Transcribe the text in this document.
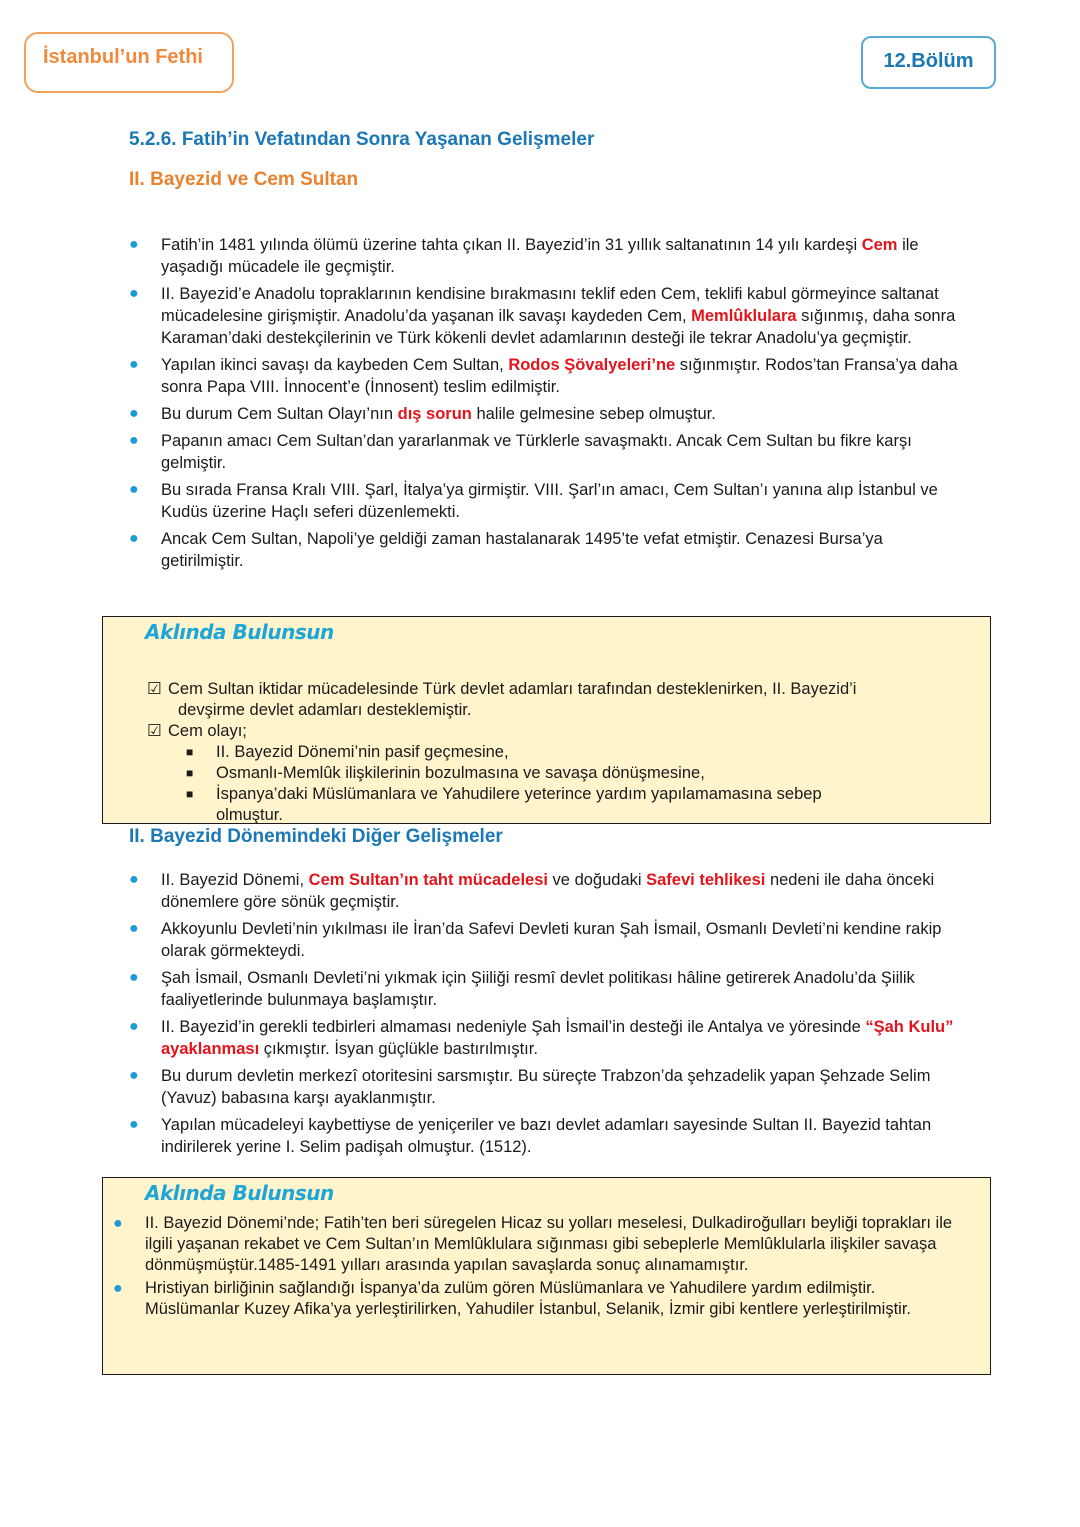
İstanbul’un Fethi	12.Bölüm
5.2.6. Fatih’in Vefatından Sonra Yaşanan Gelişmeler
II. Bayezid ve Cem Sultan
● Fatih’in 1481 yılında ölümü üzerine tahta çıkan II. Bayezid’in 31 yıllık saltanatının 14 yılı kardeşi Cem ile yaşadığı mücadele ile geçmiştir.
● II. Bayezid’e Anadolu topraklarının kendisine bırakmasını teklif eden Cem, teklifi kabul görmeyince saltanat mücadelesine girişmiştir. Anadolu’da yaşanan ilk savaşı kaydeden Cem, Memlûklulara sığınmış, daha sonra Karaman’daki destekçilerinin ve Türk kökenli devlet adamlarının desteği ile tekrar Anadolu’ya geçmiştir.
● Yapılan ikinci savaşı da kaybeden Cem Sultan, Rodos Şövalyeleri’ne sığınmıştır. Rodos’tan Fransa’ya daha sonra Papa VIII. İnnocent’e (İnnosent) teslim edilmiştir.
● Bu durum Cem Sultan Olayı’nın dış sorun halile gelmesine sebep olmuştur.
● Papanın amacı Cem Sultan’dan yararlanmak ve Türklerle savaşmaktı. Ancak Cem Sultan bu fikre karşı gelmiştir.
● Bu sırada Fransa Kralı VIII. Şarl, İtalya’ya girmiştir. VIII. Şarl’ın amacı, Cem Sultan’ı yanına alıp İstanbul ve Kudüs üzerine Haçlı seferi düzenlemekti.
● Ancak Cem Sultan, Napoli’ye geldiği zaman hastalanarak 1495’te vefat etmiştir. Cenazesi Bursa’ya getirilmiştir.
Aklında Bulunsun
☑ Cem Sultan iktidar mücadelesinde Türk devlet adamları tarafından desteklenirken, II. Bayezid’i
devşirme devlet adamları desteklemiştir.
☑ Cem olayı;
■ II. Bayezid Dönemi’nin pasif geçmesine,
■ Osmanlı-Memlûk ilişkilerinin bozulmasına ve savaşa dönüşmesine,
■ İspanya’daki Müslümanlara ve Yahudilere yeterince yardım yapılamamasına sebep olmuştur.
II. Bayezid Dönemindeki Diğer Gelişmeler
● II. Bayezid Dönemi, Cem Sultan’ın taht mücadelesi ve doğudaki Safevi tehlikesi nedeni ile daha önceki dönemlere göre sönük geçmiştir.
● Akkoyunlu Devleti’nin yıkılması ile İran’da Safevi Devleti kuran Şah İsmail, Osmanlı Devleti’ni kendine rakip olarak görmekteydi.
● Şah İsmail, Osmanlı Devleti’ni yıkmak için Şiiliği resmî devlet politikası hâline getirerek Anadolu’da Şiilik faaliyetlerinde bulunmaya başlamıştır.
● II. Bayezid’in gerekli tedbirleri almaması nedeniyle Şah İsmail’in desteği ile Antalya ve yöresinde “Şah Kulu” ayaklanması çıkmıştır. İsyan güçlükle bastırılmıştır.
● Bu durum devletin merkezî otoritesini sarsmıştır. Bu süreçte Trabzon’da şehzadelik yapan Şehzade Selim (Yavuz) babasına karşı ayaklanmıştır.
● Yapılan mücadeleyi kaybettiyse de yeniçeriler ve bazı devlet adamları sayesinde Sultan II. Bayezid tahtan indirilerek yerine I. Selim padişah olmuştur. (1512).
Aklında Bulunsun
● II. Bayezid Dönemi’nde; Fatih’ten beri süregelen Hicaz su yolları meselesi, Dulkadiroğulları beyliği toprakları ile ilgili yaşanan rekabet ve Cem Sultan’ın Memlûklulara sığınması gibi sebeplerle Memlûklularla ilişkiler savaşa dönmüşmüştür.1485-1491 yılları arasında yapılan savaşlarda sonuç alınamamıştır.
● Hristiyan birliğinin sağlandığı İspanya’da zulüm gören Müslümanlara ve Yahudilere yardım edilmiştir. Müslümanlar Kuzey Afika’ya yerleştirilirken, Yahudiler İstanbul, Selanik, İzmir gibi kentlere yerleştirilmiştir.
